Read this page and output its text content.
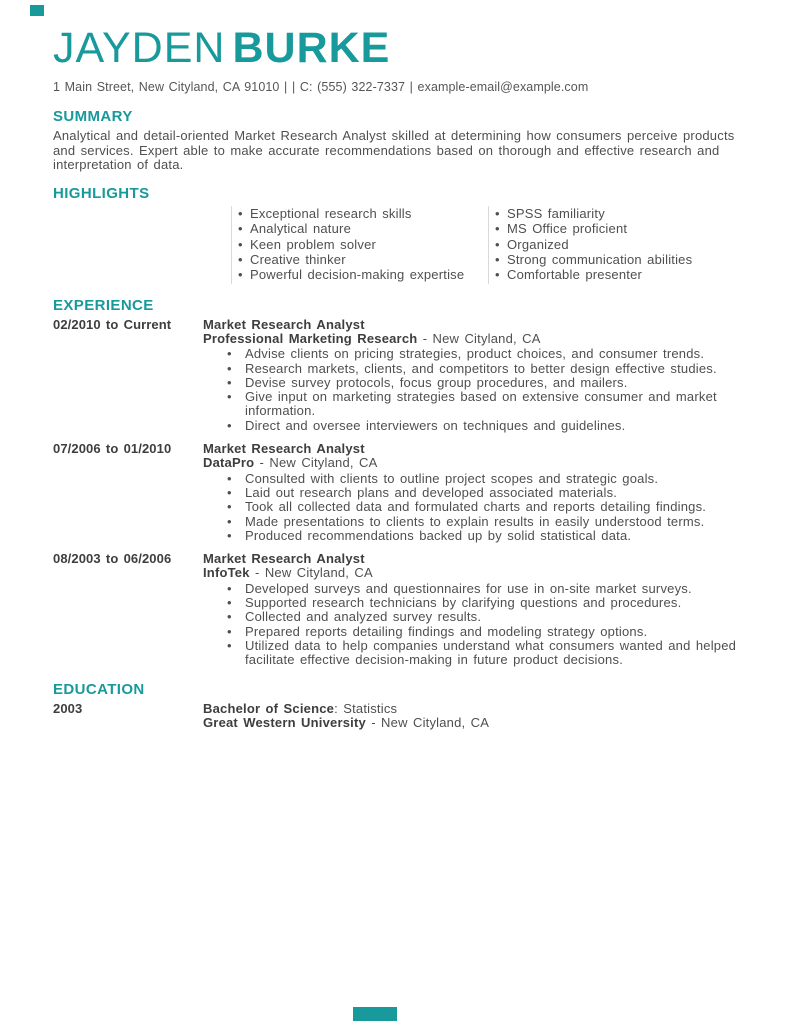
JAYDEN BURKE
1 Main Street, New Cityland, CA 91010 | | C: (555) 322-7337 | example-email@example.com
SUMMARY

Analytical and detail-oriented Market Research Analyst skilled at determining how consumers perceive products and services. Expert able to make accurate recommendations based on thorough and effective research and interpretation of data.

HIGHLIGHTS
• Exceptional research skills
• Analytical nature
• Keen problem solver
• Creative thinker
• Powerful decision-making expertise
• SPSS familiarity
• MS Office proficient
• Organized
• Strong communication abilities
• Comfortable presenter
EXPERIENCE
02/2010 to Current	Market Research Analyst
Professional Marketing Research - New Cityland, CA
• Advise clients on pricing strategies, product choices, and consumer trends.
• Research markets, clients, and competitors to better design effective studies.
• Devise survey protocols, focus group procedures, and mailers.
• Give input on marketing strategies based on extensive consumer and market information.
• Direct and oversee interviewers on techniques and guidelines.
07/2006 to 01/2010	Market Research Analyst
DataPro - New Cityland, CA
• Consulted with clients to outline project scopes and strategic goals.
• Laid out research plans and developed associated materials.
• Took all collected data and formulated charts and reports detailing findings.
• Made presentations to clients to explain results in easily understood terms.
• Produced recommendations backed up by solid statistical data.
08/2003 to 06/2006	Market Research Analyst
InfoTek - New Cityland, CA
• Developed surveys and questionnaires for use in on-site market surveys.
• Supported research technicians by clarifying questions and procedures.
• Collected and analyzed survey results.
• Prepared reports detailing findings and modeling strategy options.
• Utilized data to help companies understand what consumers wanted and helped facilitate effective decision-making in future product decisions.
EDUCATION
2003	Bachelor of Science: Statistics
Great Western University - New Cityland, CA
